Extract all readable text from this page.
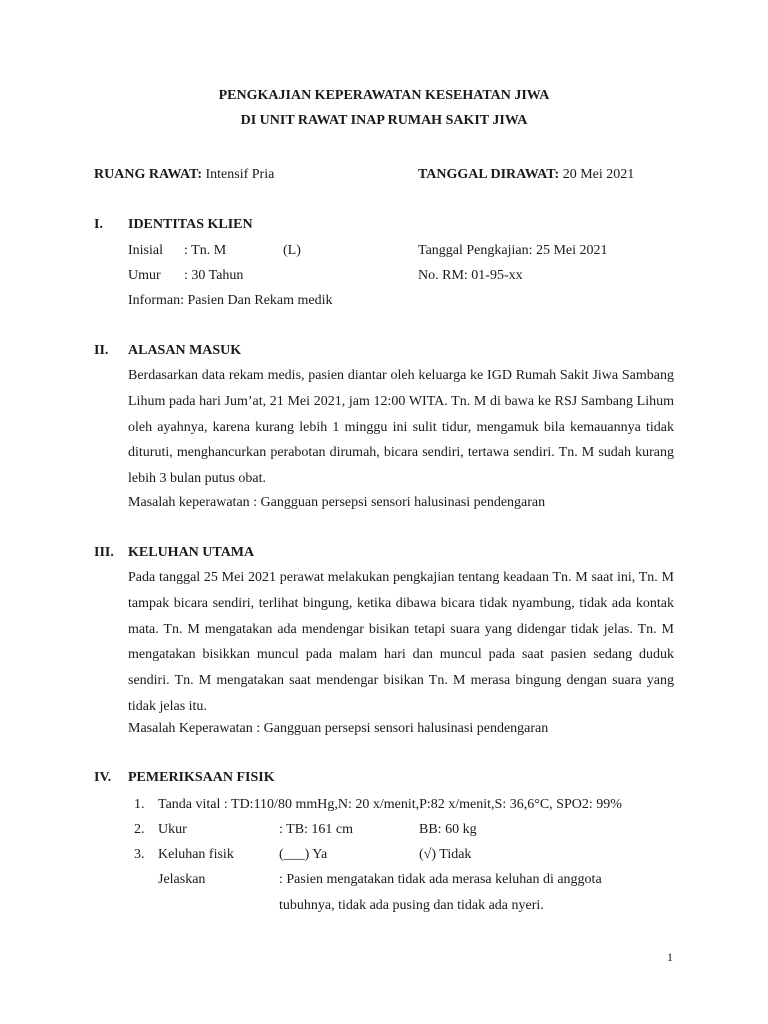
PENGKAJIAN KEPERAWATAN KESEHATAN JIWA
DI UNIT RAWAT INAP RUMAH SAKIT JIWA
RUANG RAWAT: Intensif Pria	TANGGAL DIRAWAT: 20 Mei 2021
I. IDENTITAS KLIEN
Inisial : Tn. M	(L)	Tanggal Pengkajian: 25 Mei 2021
Umur : 30 Tahun	No. RM: 01-95-xx
Informan: Pasien Dan Rekam medik
II. ALASAN MASUK
Berdasarkan data rekam medis, pasien diantar oleh keluarga ke IGD Rumah Sakit Jiwa Sambang Lihum pada hari Jum’at, 21 Mei 2021, jam 12:00 WITA. Tn. M di bawa ke RSJ Sambang Lihum oleh ayahnya, karena kurang lebih 1 minggu ini sulit tidur, mengamuk bila kemauannya tidak dituruti, menghancurkan perabotan dirumah, bicara sendiri, tertawa sendiri. Tn. M sudah kurang lebih 3 bulan putus obat.
Masalah keperawatan : Gangguan persepsi sensori halusinasi pendengaran
III. KELUHAN UTAMA
Pada tanggal 25 Mei 2021 perawat melakukan pengkajian tentang keadaan Tn. M saat ini, Tn. M tampak bicara sendiri, terlihat bingung, ketika dibawa bicara tidak nyambung, tidak ada kontak mata. Tn. M mengatakan ada mendengar bisikan tetapi suara yang didengar tidak jelas. Tn. M mengatakan bisikkan muncul pada malam hari dan muncul pada saat pasien sedang duduk sendiri. Tn. M mengatakan saat mendengar bisikan Tn. M merasa bingung dengan suara yang tidak jelas itu.
Masalah Keperawatan : Gangguan persepsi sensori halusinasi pendengaran
IV. PEMERIKSAAN FISIK
1. Tanda vital : TD:110/80 mmHg,N: 20 x/menit,P:82 x/menit,S: 36,6°C, SPO2: 99%
2. Ukur	: TB: 161 cm	BB: 60 kg
3. Keluhan fisik	(___) Ya	(√) Tidak
Jelaskan	: Pasien mengatakan tidak ada merasa keluhan di anggota
tubuhnya, tidak ada pusing dan tidak ada nyeri.
1
